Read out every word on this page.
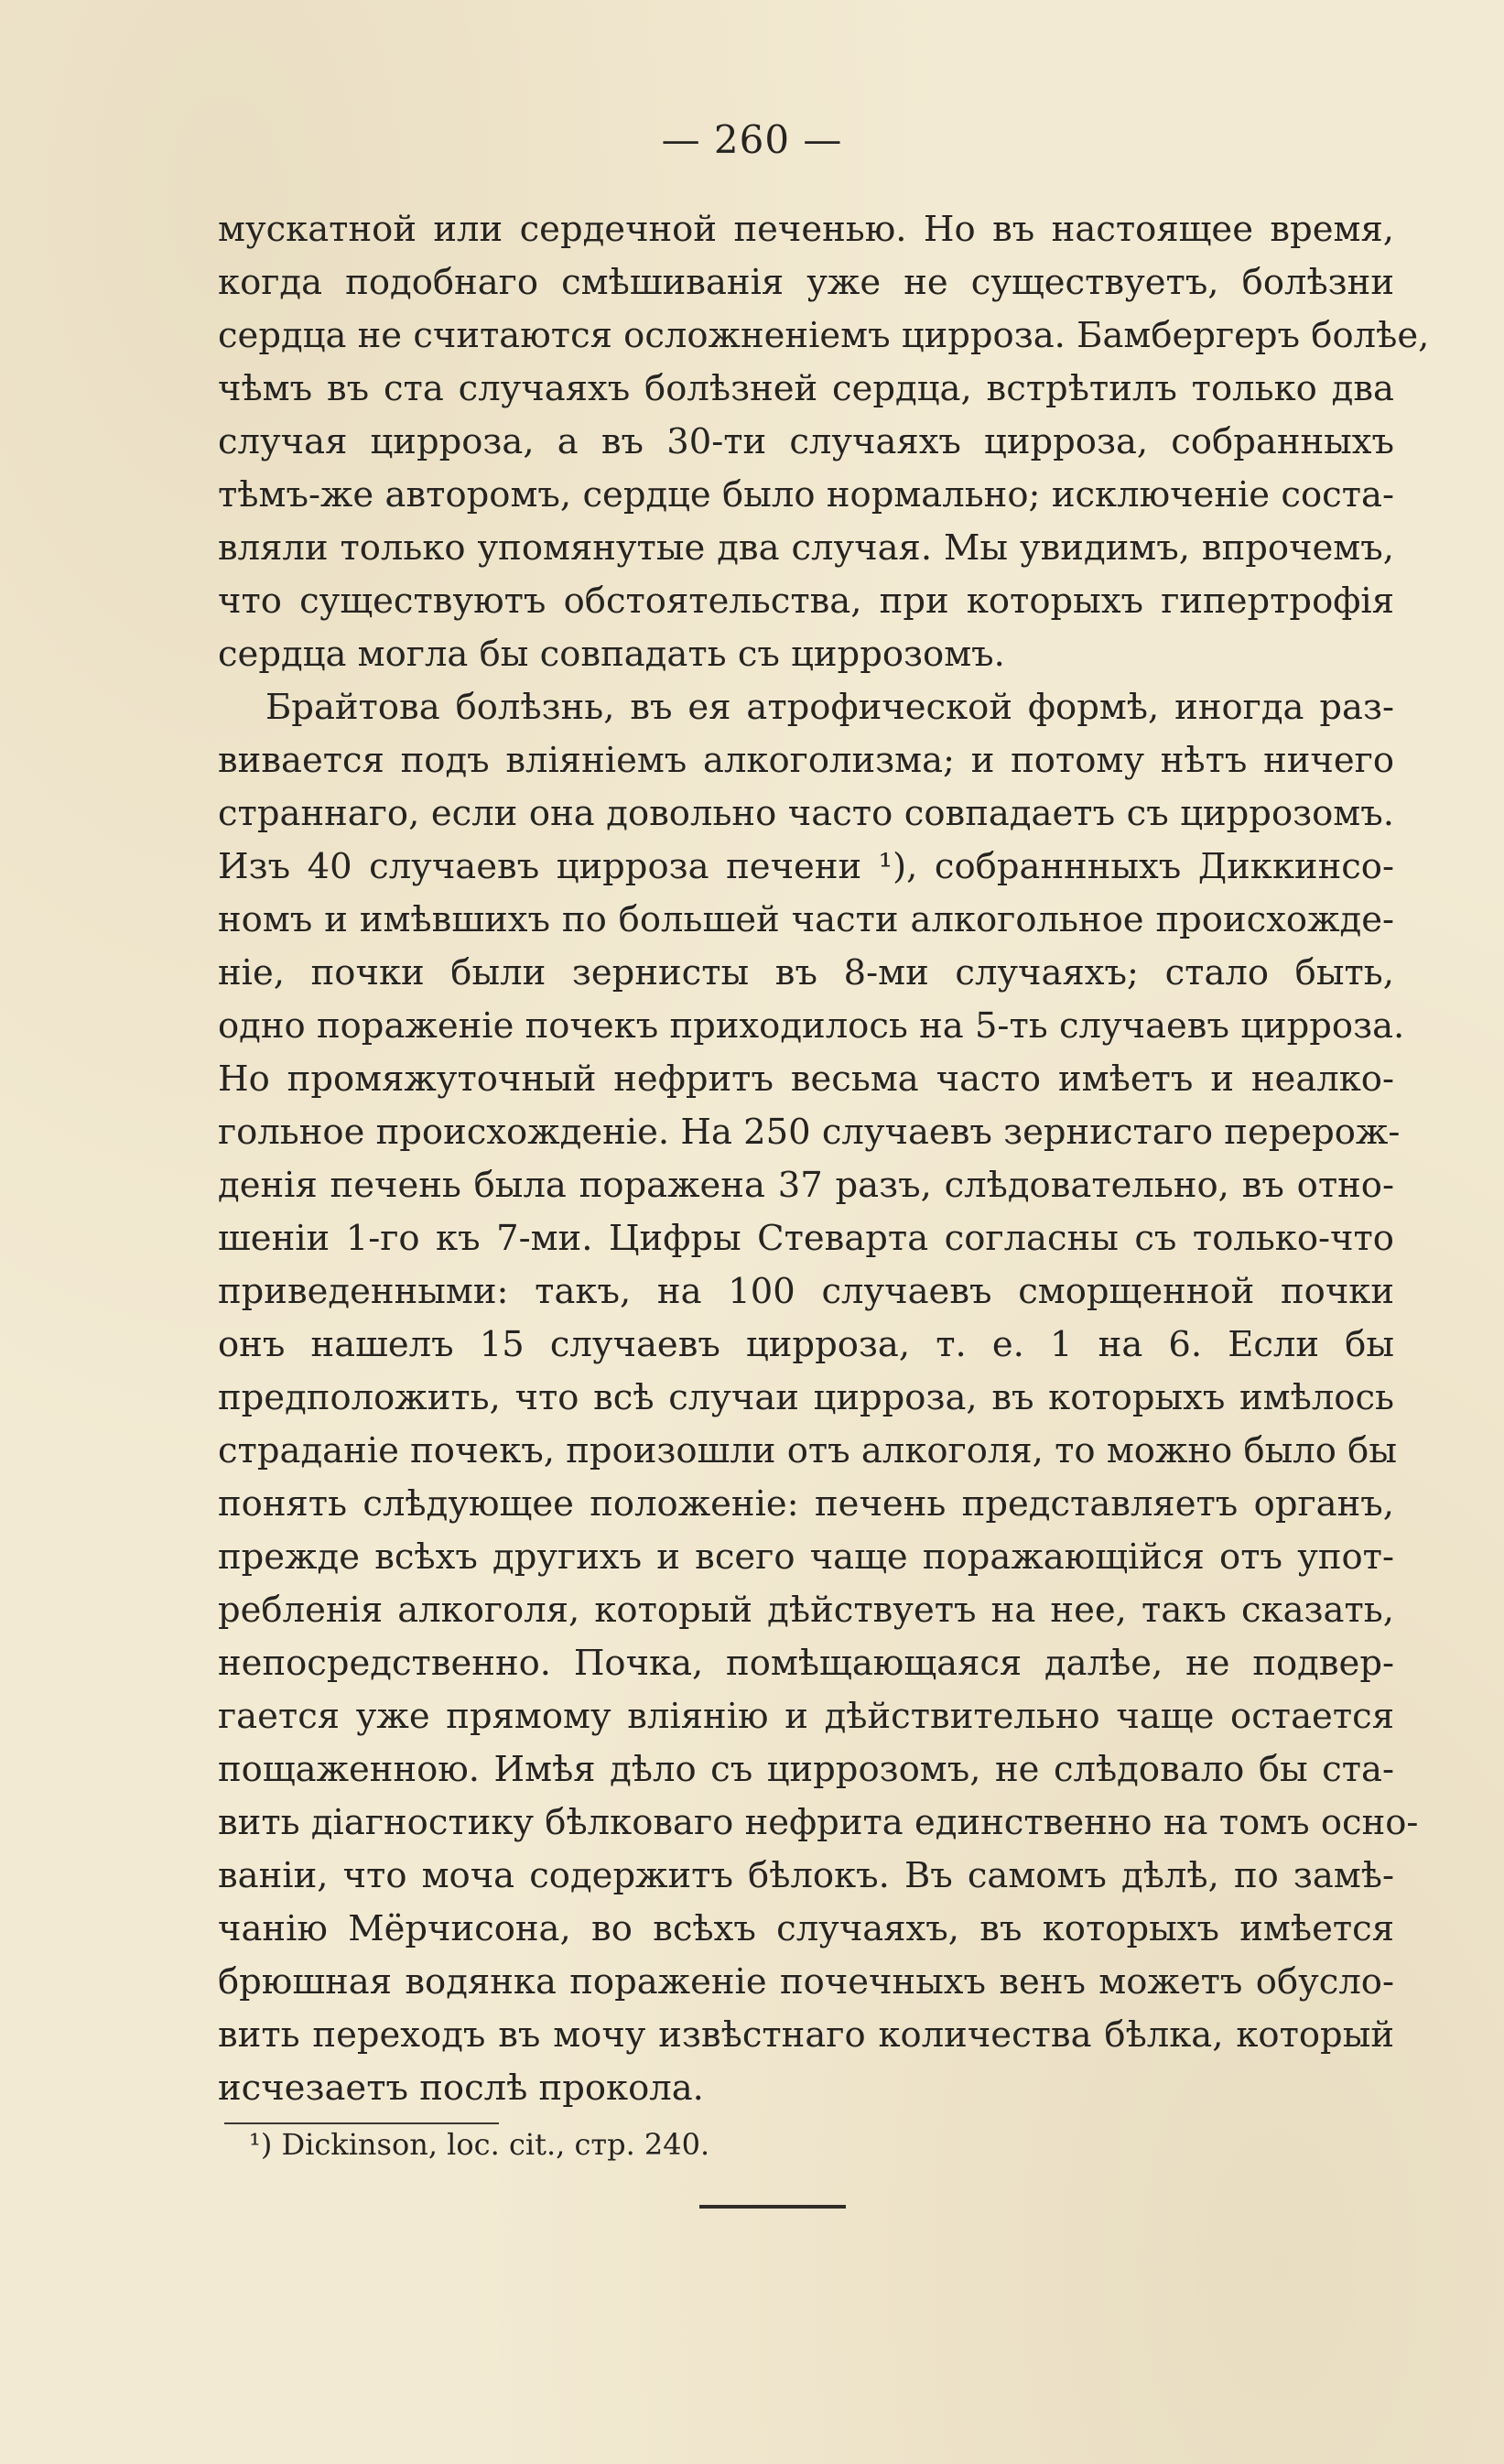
— 260 —

мускатной или сердечной печенью. Но въ настоящее время,

когда подобнаго смѣшиванія уже не существуетъ, болѣзни

сердца не считаются осложненіемъ цирроза. Бамбергеръ болѣе,

чѣмъ въ ста случаяхъ болѣзней сердца, встрѣтилъ только два

случая цирроза, а въ 30-ти случаяхъ цирроза, собранныхъ

тѣмъ-же авторомъ, сердце было нормально; исключеніе соста-

вляли только упомянутые два случая. Мы увидимъ, впрочемъ,

что существуютъ обстоятельства, при которыхъ гипертрофія

сердца могла бы совпадать съ циррозомъ.

Брайтова болѣзнь, въ ея атрофической формѣ, иногда раз-

вивается подъ вліяніемъ алкоголизма; и потому нѣтъ ничего

страннаго, если она довольно часто совпадаетъ съ циррозомъ.

Изъ 40 случаевъ цирроза печени ¹), собраннныхъ Диккинсо-

номъ и имѣвшихъ по большей части алкогольное происхожде-

ніе, почки были зернисты въ 8-ми случаяхъ; стало быть,

одно пораженіе почекъ приходилось на 5-ть случаевъ цирроза.

Но промяжуточный нефритъ весьма часто имѣетъ и неалко-

гольное происхожденіе. На 250 случаевъ зернистаго перерож-

денія печень была поражена 37 разъ, слѣдовательно, въ отно-

шеніи 1-го къ 7-ми. Цифры Стеварта согласны съ только-что

приведенными: такъ, на 100 случаевъ сморщенной почки

онъ нашелъ 15 случаевъ цирроза, т. е. 1 на 6. Если бы

предположить, что всѣ случаи цирроза, въ которыхъ имѣлось

страданіе почекъ, произошли отъ алкоголя, то можно было бы

понять слѣдующее положеніе: печень представляетъ органъ,

прежде всѣхъ другихъ и всего чаще поражающійся отъ упот-

ребленія алкоголя, который дѣйствуетъ на нее, такъ сказать,

непосредственно. Почка, помѣщающаяся далѣе, не подвер-

гается уже прямому вліянію и дѣйствительно чаще остается

пощаженною. Имѣя дѣло съ циррозомъ, не слѣдовало бы ста-

вить діагностику бѣлковаго нефрита единственно на томъ осно-

ваніи, что моча содержитъ бѣлокъ. Въ самомъ дѣлѣ, по замѣ-

чанію Мёрчисона, во всѣхъ случаяхъ, въ которыхъ имѣется

брюшная водянка пораженіе почечныхъ венъ можетъ обуслo-

вить переходъ въ мочу извѣстнаго количества бѣлка, который

исчезаетъ послѣ прокола.

¹) Dickinson, loc. cit., стр. 240.
